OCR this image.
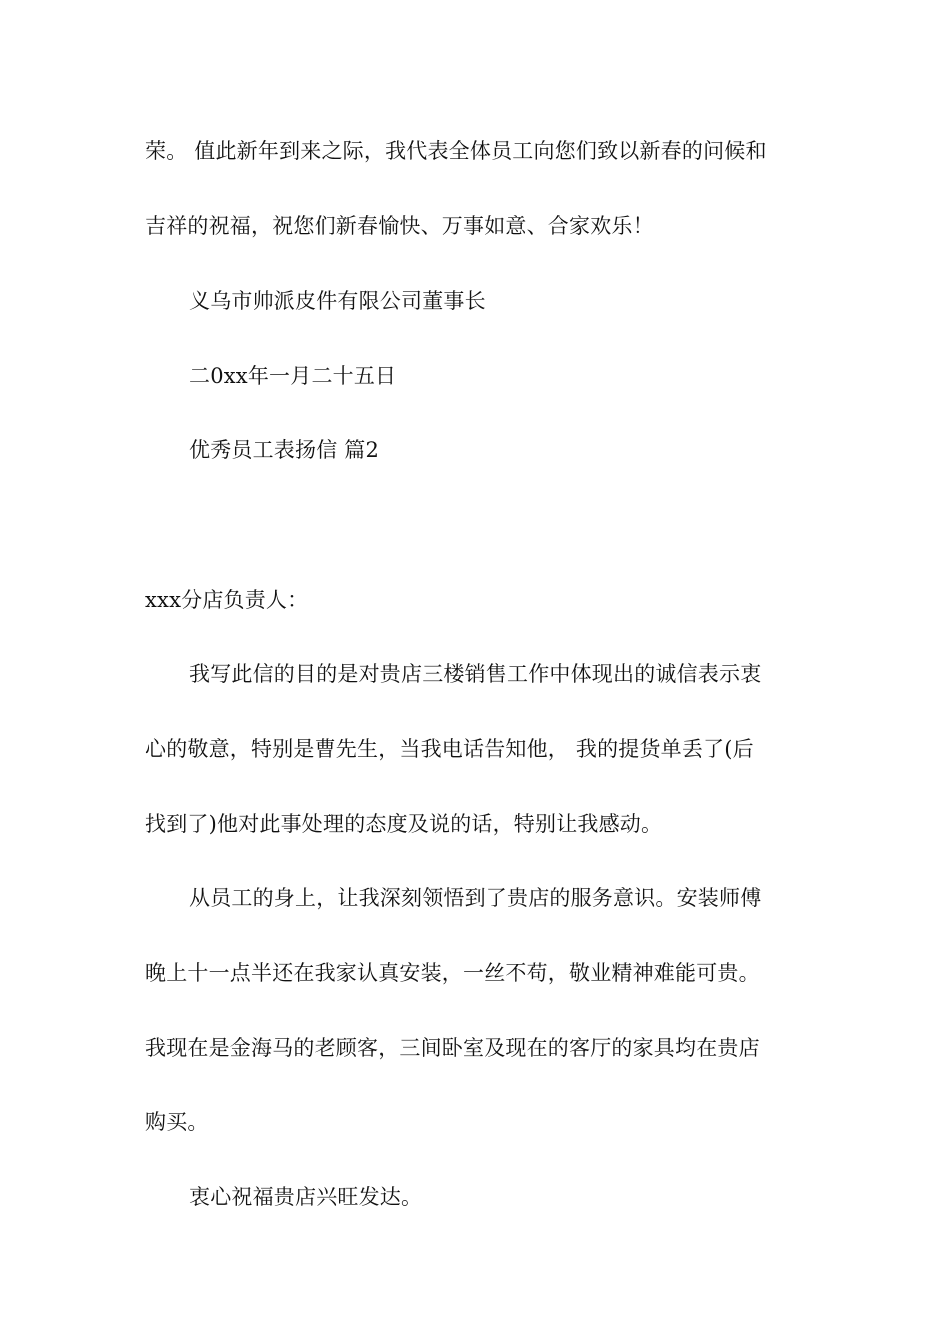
荣。 值此新年到来之际，我代表全体员工向您们致以新春的问候和
吉祥的祝福，祝您们新春愉快、万事如意、合家欢乐！
义乌市帅派皮件有限公司董事长
二0xx年一月二十五日
优秀员工表扬信 篇2
xxx分店负责人：
我写此信的目的是对贵店三楼销售工作中体现出的诚信表示衷
心的敬意，特别是曹先生，当我电话告知他， 我的提货单丢了(后
找到了)他对此事处理的态度及说的话，特别让我感动。
从员工的身上，让我深刻领悟到了贵店的服务意识。安装师傅
晚上十一点半还在我家认真安装，一丝不苟，敬业精神难能可贵。
我现在是金海马的老顾客，三间卧室及现在的客厅的家具均在贵店
购买。
衷心祝福贵店兴旺发达。
